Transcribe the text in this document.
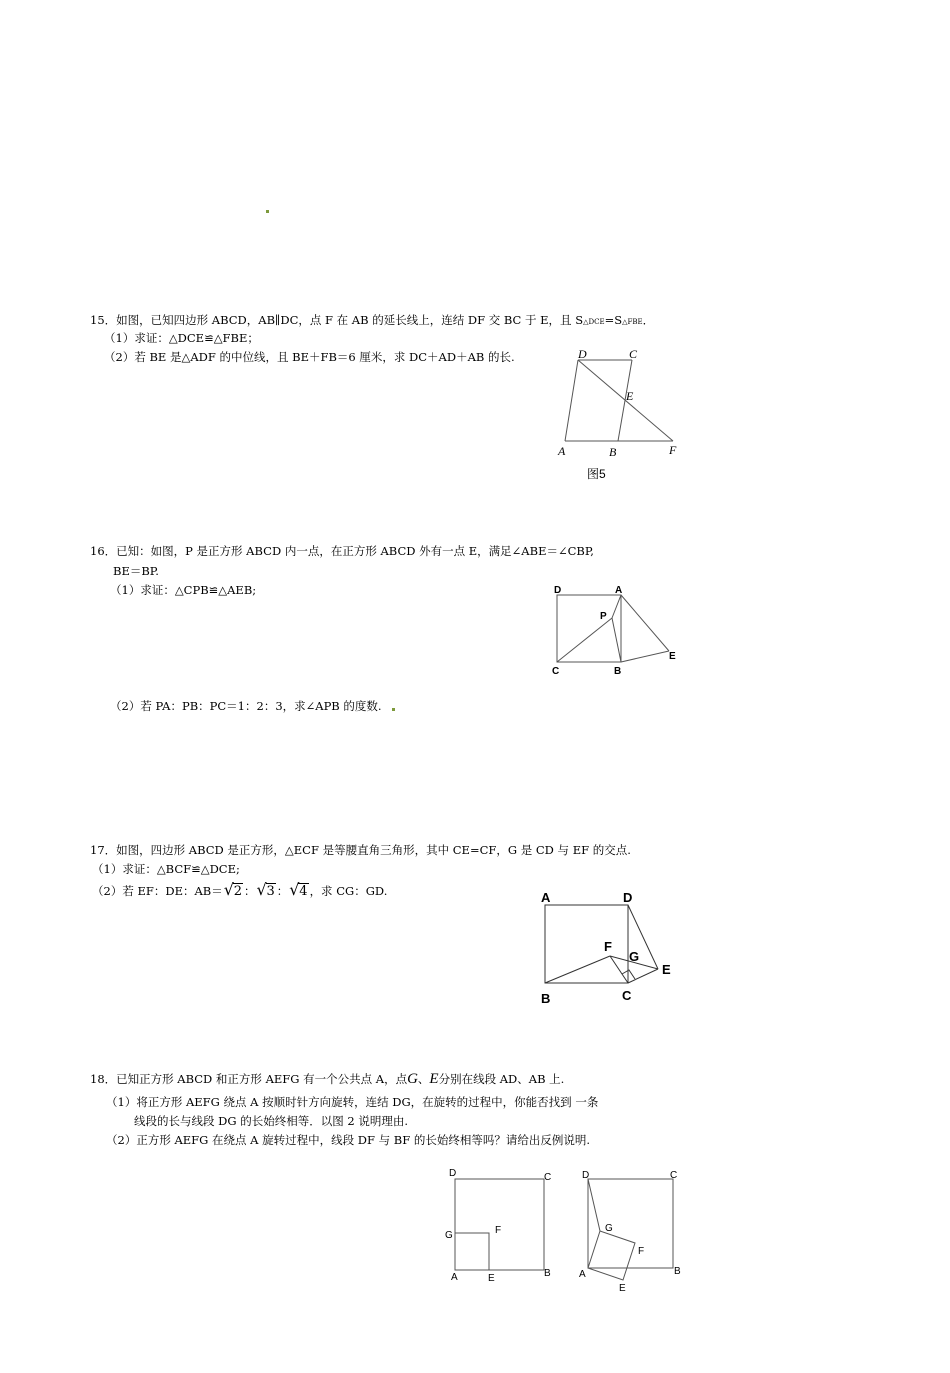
15．如图，已知四边形 ABCD，AB∥DC，点 F 在 AB 的延长线上，连结 DF 交 BC 于 E，且 S△DCE=S△FBE．
（1）求证：△DCE≌△FBE；
（2）若 BE 是△ADF 的中位线，且 BE＋FB＝6 厘米，求 DC＋AD＋AB 的长.	D	C
E
A	B	F
图5
16．已知：如图，P 是正方形 ABCD 内一点，在正方形 ABCD 外有一点 E，满足∠ABE＝∠CBP,
BE＝BP.
（1）求证：△CPB≌△AEB;	D	A
P
C	B
E
（2）若 PA：PB：PC＝1：2：3，求∠APB 的度数.
17．如图，四边形 ABCD 是正方形，△ECF 是等腰直角三角形，其中 CE=CF，G 是 CD 与 EF 的交点.
（1）求证：△BCF≌△DCE;
（2）若 EF：DE：AB＝ √ 2 ： √ 3 ： √ 4 ，求 CG：GD.	A	D
F
G
E
B	C
18．已知正方形 ABCD 和正方形 AEFG 有一个公共点 A，点G、E分别在线段 AD、AB 上.
（1）将正方形 AEFG 绕点 A 按顺时针方向旋转，连结 DG，在旋转的过程中，你能否找到 一条
线段的长与线段 DG 的长始终相等．以图 2 说明理由.
（2）正方形 AEFG 在绕点 A 旋转过程中，线段 DF 与 BF 的长始终相等吗？请给出反例说明.
D	C
G	F
A	E	B
D	C
G
F
A	B
E
